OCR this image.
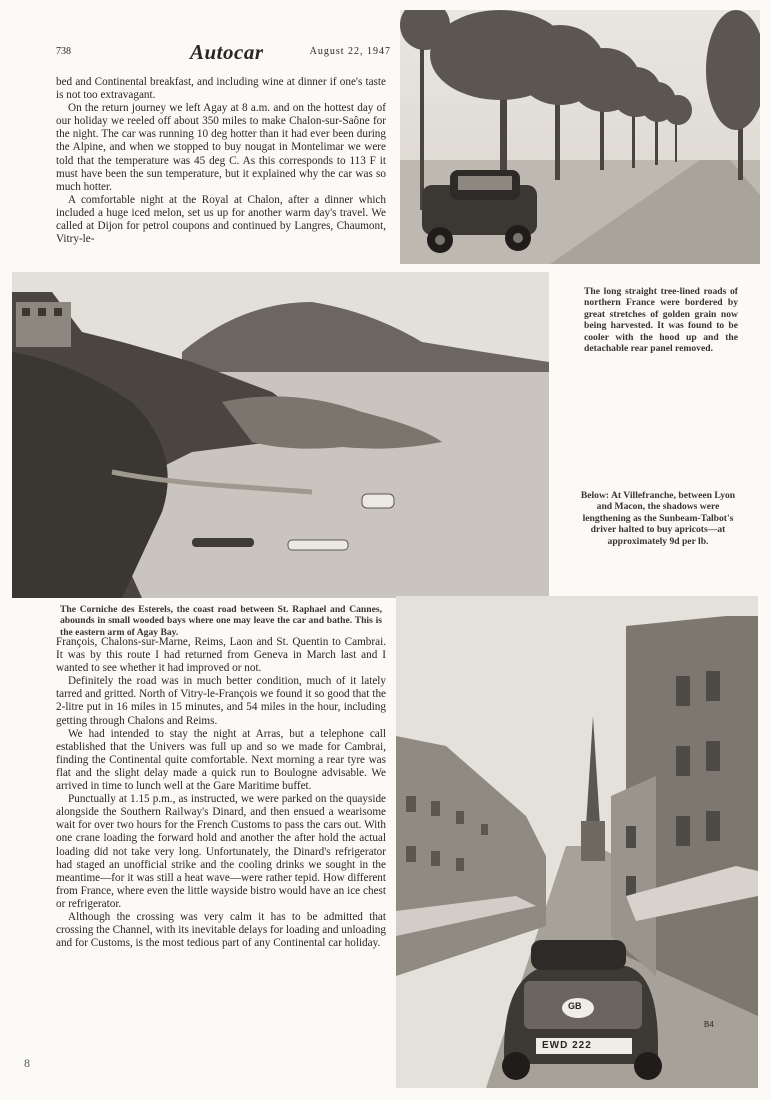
738	Autocar	August 22, 1947

bed and Continental breakfast, and including wine at dinner if one's taste is not too extravagant.

On the return journey we left Agay at 8 a.m. and on the hottest day of our holiday we reeled off about 350 miles to make Chalon-sur-Saône for the night. The car was running 10 deg hotter than it had ever been during the Alpine, and when we stopped to buy nougat in Montelimar we were told that the temperature was 45 deg C. As this corresponds to 113 F it must have been the sun temperature, but it explained why the car was so much hotter.

A comfortable night at the Royal at Chalon, after a dinner which included a huge iced melon, set us up for another warm day's travel. We called at Dijon for petrol coupons and continued by Langres, Chaumont, Vitry-le-

The long straight tree-lined roads of northern France were bordered by great stretches of golden grain now being harvested. It was found to be cooler with the hood up and the detachable rear panel removed.
Below: At Villefranche, between Lyon and Macon, the shadows were lengthening as the Sunbeam-Talbot's driver halted to buy apricots—at approximately 9d per lb.
The Corniche des Esterels, the coast road between St. Raphael and Cannes, abounds in small wooded bays where one may leave the car and bathe. This is the eastern arm of Agay Bay.

François, Chalons-sur-Marne, Reims, Laon and St. Quentin to Cambrai. It was by this route I had returned from Geneva in March last and I wanted to see whether it had improved or not.

Definitely the road was in much better condition, much of it lately tarred and gritted. North of Vitry-le-François we found it so good that the 2-litre put in 16 miles in 15 minutes, and 54 miles in the hour, including getting through Chalons and Reims.

We had intended to stay the night at Arras, but a telephone call established that the Univers was full up and so we made for Cambrai, finding the Continental quite comfortable. Next morning a rear tyre was flat and the slight delay made a quick run to Boulogne advisable. We arrived in time to lunch well at the Gare Maritime buffet.

Punctually at 1.15 p.m., as instructed, we were parked on the quayside alongside the Southern Railway's Dinard, and then ensued a wearisome wait for over two hours for the French Customs to pass the cars out. With one crane loading the forward hold and another the after hold the actual loading did not take very long. Unfortunately, the Dinard's refrigerator had staged an unofficial strike and the cooling drinks we sought in the meantime—for it was still a heat wave—were rather tepid. How different from France, where even the little wayside bistro would have an ice chest or refrigerator.

Although the crossing was very calm it has to be admitted that crossing the Channel, with its inevitable delays for loading and unloading and for Customs, is the most tedious part of any Continental car holiday.

GB
EWD 222
B4
8
